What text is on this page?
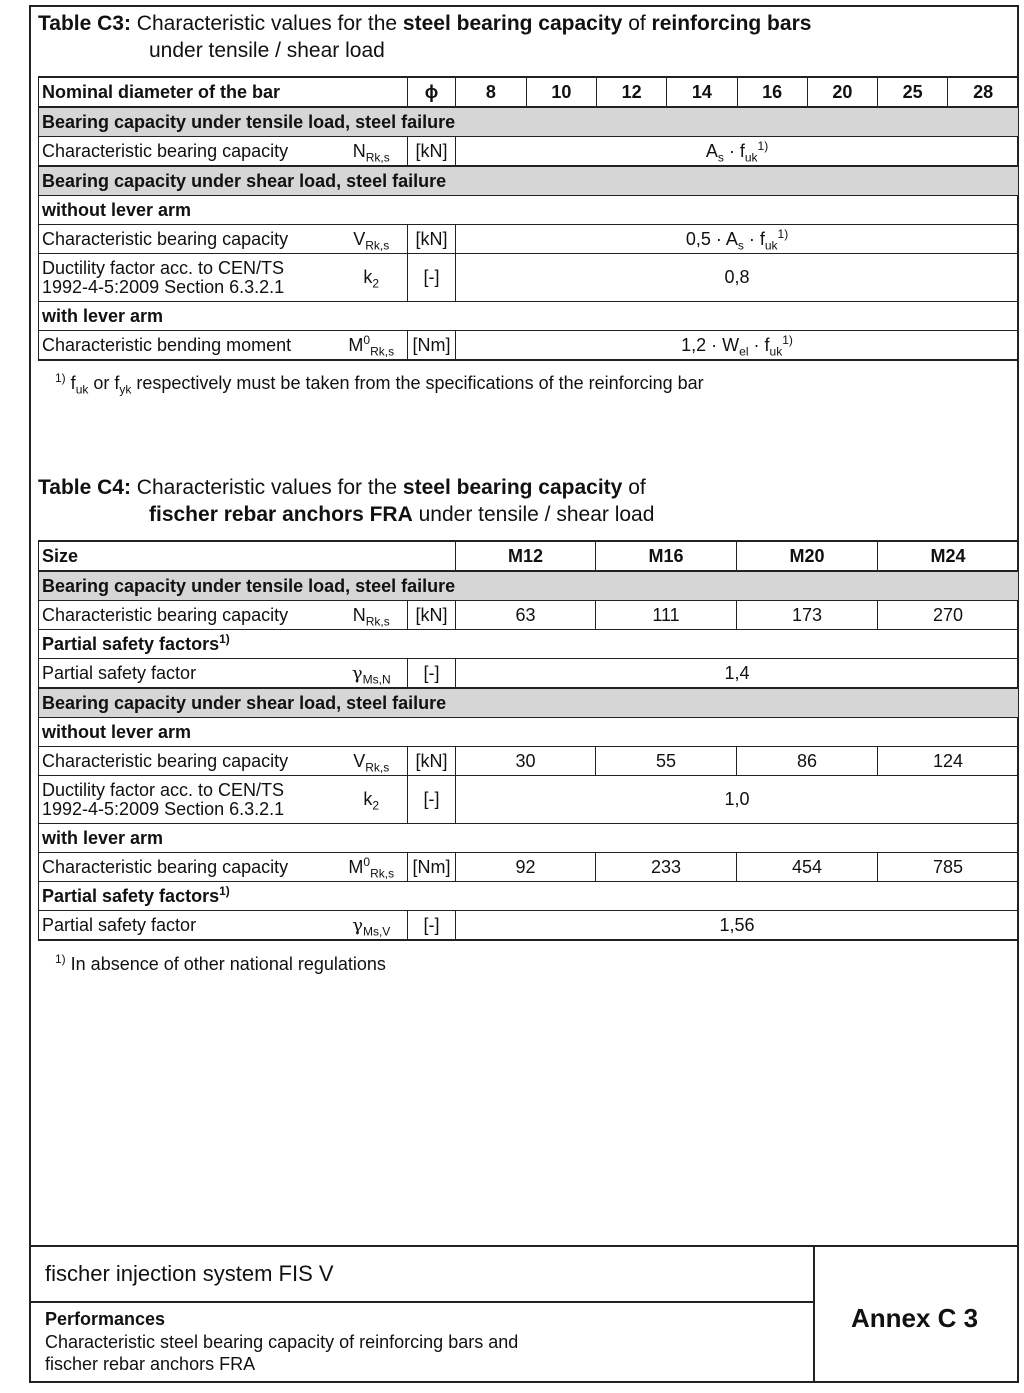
Table C3: Characteristic values for the steel bearing capacity of reinforcing bars
under tensile / shear load
Nominal diameter of the bar	ϕ		8	10	12	14	16	20	25	28

Bearing capacity under tensile load, steel failure
Characteristic bearing capacity	$N_{Rk,s}$	[kN]	$A_s \cdot f_{uk}^{1)}$
Bearing capacity under shear load, steel failure
without lever arm
Characteristic bearing capacity	$V_{Rk,s}$	[kN]	$0,5 \cdot A_s \cdot f_{uk}^{1)}$

Ductility factor acc. to CEN/TS
1992-4-5:2009 Section 6.3.2.1	$k_2$	[-]	0,8
with lever arm
Characteristic bending moment	$M^0_{Rk,s}$	[Nm]	$1,2 \cdot W_{el} \cdot f_{uk}^{1)}$
$^{1)}$ $f_{uk}$ or $f_{yk}$ respectively must be taken from the specifications of the reinforcing bar
Table C4: Characteristic values for the steel bearing capacity of
fischer rebar anchors FRA under tensile / shear load
Size			M12	M16	M20	M24
Bearing capacity under tensile load, steel failure						
Characteristic bearing capacity	$N_{Rk,s}$	[kN]	63	111	173	270
Partial safety factors$^{1)}$
Partial safety factor	$\gamma_{Ms,N}$	[-]	1,4			
Bearing capacity under shear load, steel failure						
without lever arm						
Characteristic bearing capacity	$V_{Rk,s}$	[kN]	30	55	86	124

Ductility factor acc. to CEN/TS
1992-4-5:2009 Section 6.3.2.1	$k_2$	[-]	1,0			
with lever arm						
Characteristic bearing capacity	$M^0_{Rk,s}$	[Nm]	92	233	454	785
Partial safety factors$^{1)}$
Partial safety factor	$\gamma_{Ms,V}$	[-]	1,56			
$^{1)}$ In absence of other national regulations
fischer injection system FIS V
Performances
Characteristic steel bearing capacity of reinforcing bars and
fischer rebar anchors FRA
Annex C 3
